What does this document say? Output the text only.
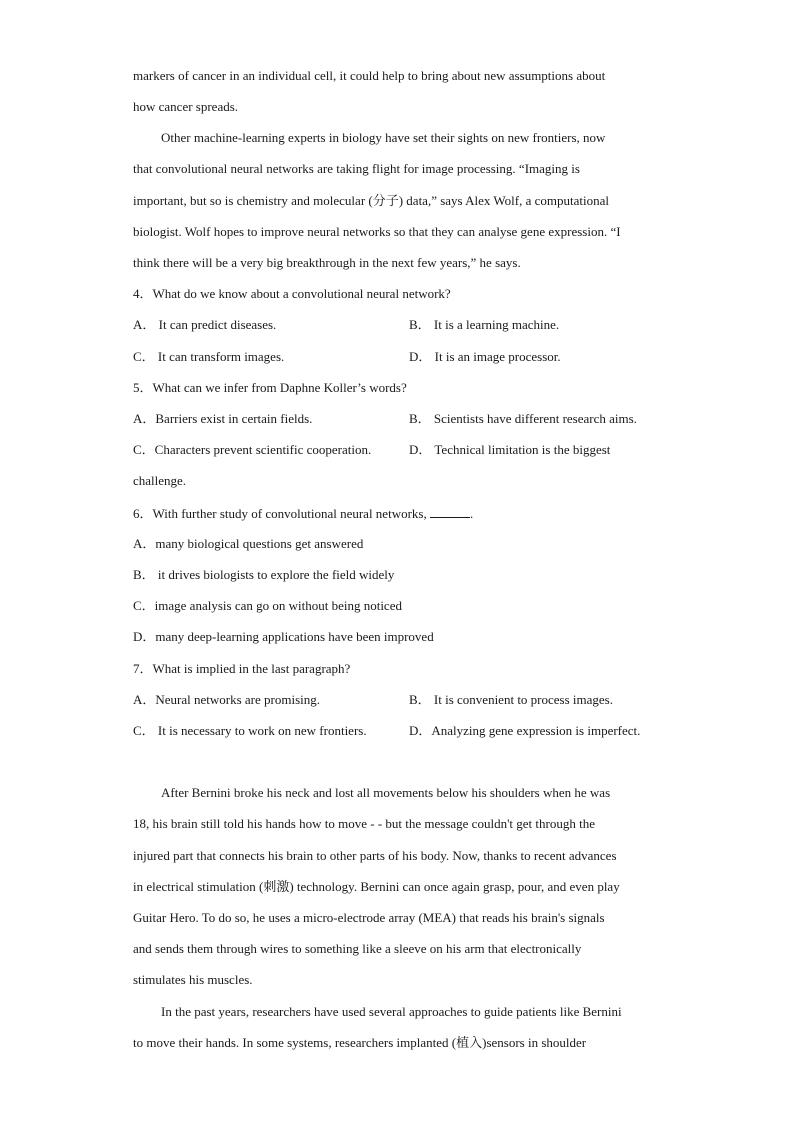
markers of cancer in an individual cell, it could help to bring about new assumptions about
how cancer spreads.
Other machine-learning experts in biology have set their sights on new frontiers, now
that convolutional neural networks are taking flight for image processing. “Imaging is
important, but so is chemistry and molecular (分子) data,” says Alex Wolf, a computational
biologist. Wolf hopes to improve neural networks so that they can analyse gene expression. “I
think there will be a very big breakthrough in the next few years,” he says.
4．What do we know about a convolutional neural network?
A． It can predict diseases.	B． It is a learning machine.
C． It can transform images.	D． It is an image processor.
5．What can we infer from Daphne Koller’s words?
A．Barriers exist in certain fields.	B． Scientists have different research aims.
C．Characters prevent scientific cooperation.	D． Technical limitation is the biggest
challenge.
6．With further study of convolutional neural networks,	.
A．many biological questions get answered
B． it drives biologists to explore the field widely
C．image analysis can go on without being noticed
D．many deep-learning applications have been improved
7．What is implied in the last paragraph?
A．Neural networks are promising.	B． It is convenient to process images.
C． It is necessary to work on new frontiers.	D．Analyzing gene expression is imperfect.
After Bernini broke his neck and lost all movements below his shoulders when he was
18, his brain still told his hands how to move - - but the message couldn't get through the
injured part that connects his brain to other parts of his body. Now, thanks to recent advances
in electrical stimulation (刺激) technology. Bernini can once again grasp, pour, and even play
Guitar Hero. To do so, he uses a micro-electrode array (MEA) that reads his brain's signals
and sends them through wires to something like a sleeve on his arm that electronically
stimulates his muscles.
In the past years, researchers have used several approaches to guide patients like Bernini
to move their hands. In some systems, researchers implanted (植入)sensors in shoulder
